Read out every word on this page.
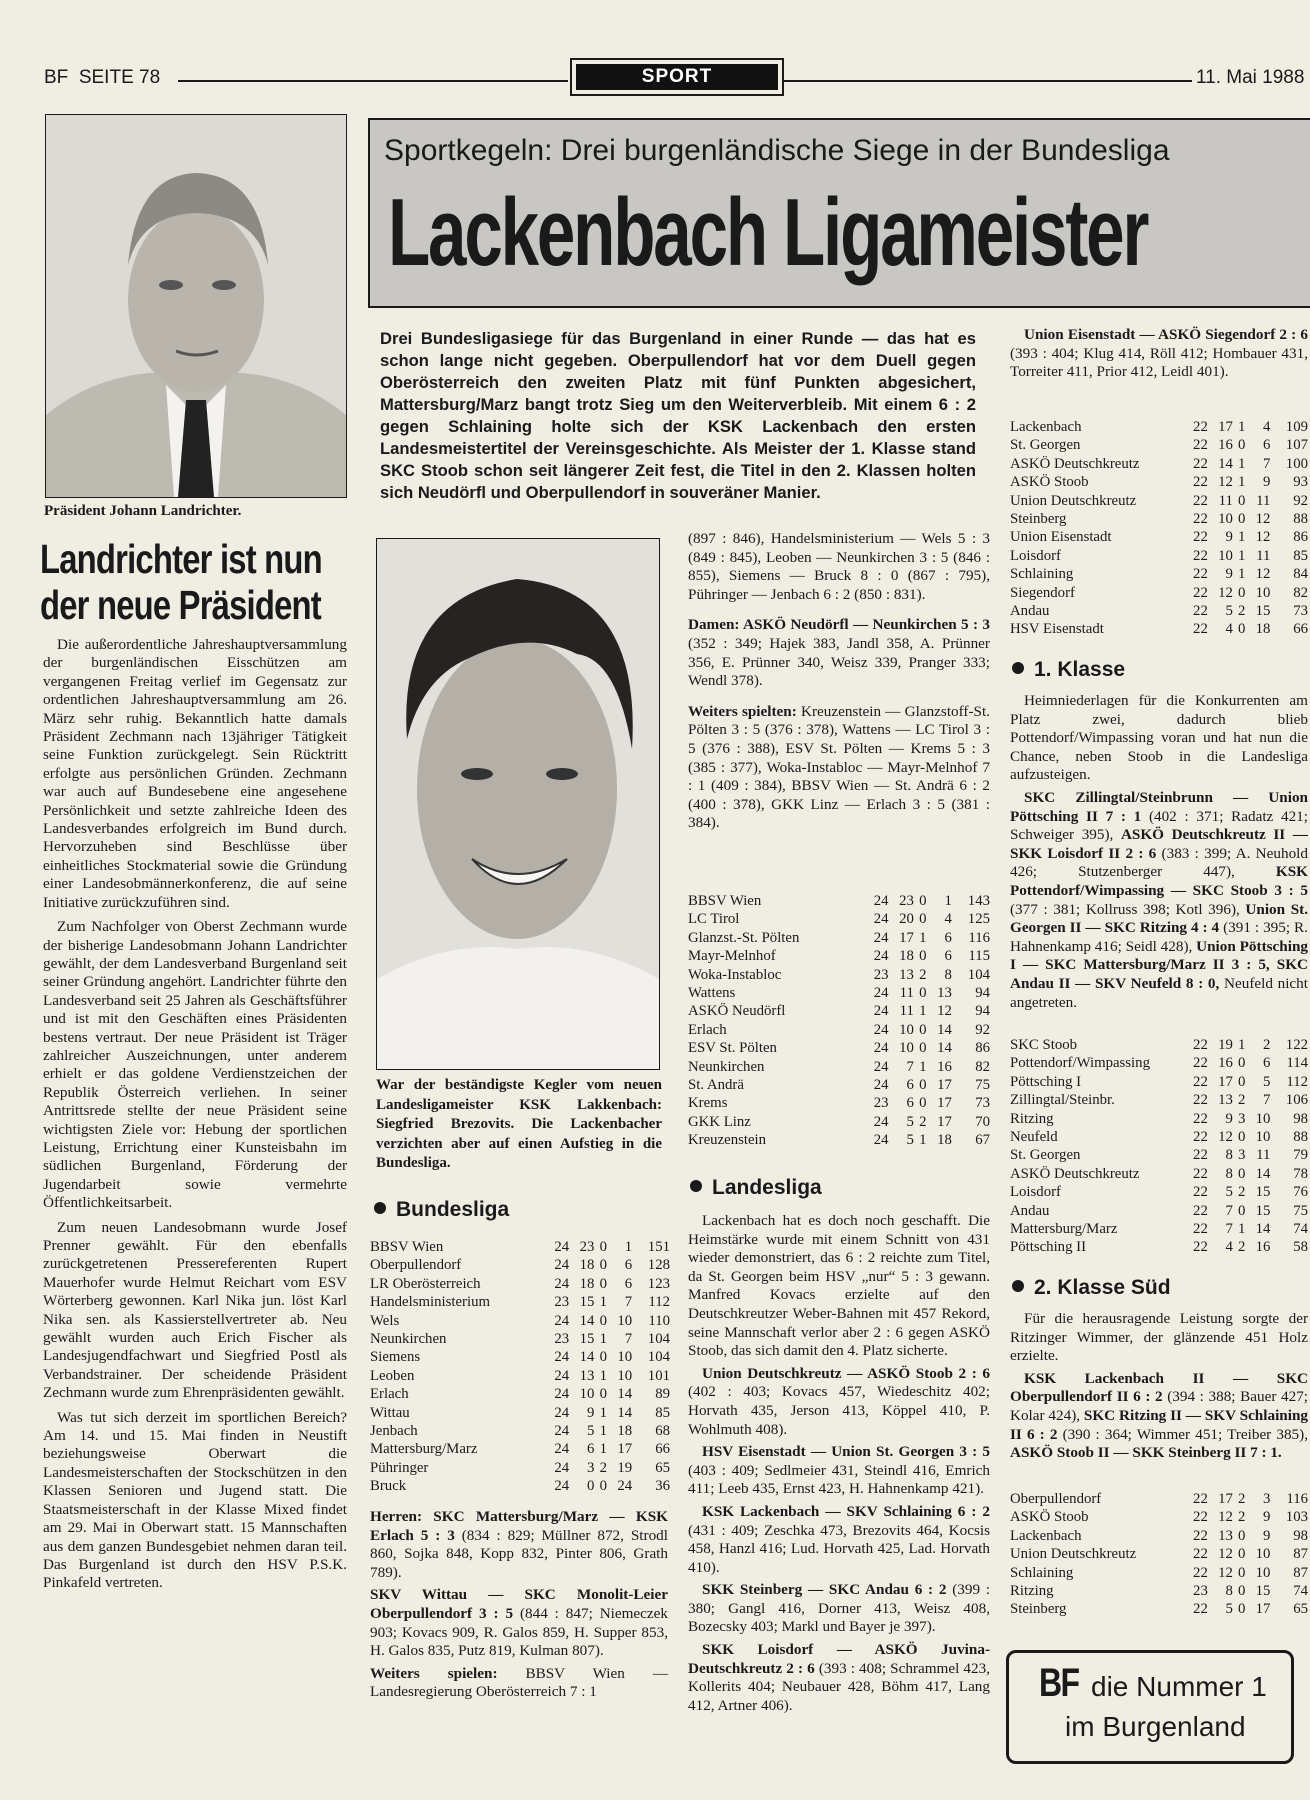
BF  SEITE 78	SPORT	11. Mai 1988
Präsident Johann Landrichter.
Landrichter ist nun
der neue Präsident

Die außerordentliche Jahreshauptversammlung der burgenländischen Eisschützen am vergangenen Freitag verlief im Gegensatz zur ordentlichen Jahreshauptversammlung am 26. März sehr ruhig. Bekanntlich hatte damals Präsident Zechmann nach 13jähriger Tätigkeit seine Funktion zurückgelegt. Sein Rücktritt erfolgte aus persönlichen Gründen. Zechmann war auch auf Bundesebene eine angesehene Persönlichkeit und setzte zahlreiche Ideen des Landesverbandes erfolgreich im Bund durch. Hervorzuheben sind Beschlüsse über einheitliches Stockmaterial sowie die Gründung einer Landesobmännerkonferenz, die auf seine Initiative zurückzuführen sind.

Zum Nachfolger von Oberst Zechmann wurde der bisherige Landesobmann Johann Landrichter gewählt, der dem Landesverband Burgenland seit seiner Gründung angehört. Landrichter führte den Landesverband seit 25 Jahren als Geschäftsführer und ist mit den Geschäften eines Präsidenten bestens vertraut. Der neue Präsident ist Träger zahlreicher Auszeichnungen, unter anderem erhielt er das goldene Verdienstzeichen der Republik Österreich verliehen. In seiner Antrittsrede stellte der neue Präsident seine wichtigsten Ziele vor: Hebung der sportlichen Leistung, Errichtung einer Kunsteisbahn im südlichen Burgenland, Förderung der Jugendarbeit sowie vermehrte Öffentlichkeitsarbeit.

Zum neuen Landesobmann wurde Josef Prenner gewählt. Für den ebenfalls zurückgetretenen Pressereferenten Rupert Mauerhofer wurde Helmut Reichart vom ESV Wörterberg gewonnen. Karl Nika jun. löst Karl Nika sen. als Kassierstellvertreter ab. Neu gewählt wurden auch Erich Fischer als Landesjugendfachwart und Siegfried Postl als Verbandstrainer. Der scheidende Präsident Zechmann wurde zum Ehrenpräsidenten gewählt.

Was tut sich derzeit im sportlichen Bereich? Am 14. und 15. Mai finden in Neustift beziehungsweise Oberwart die Landesmeisterschaften der Stockschützen in den Klassen Senioren und Jugend statt. Die Staatsmeisterschaft in der Klasse Mixed findet am 29. Mai in Oberwart statt. 15 Mannschaften aus dem ganzen Bundesgebiet nehmen daran teil. Das Burgenland ist durch den HSV P.S.K. Pinkafeld vertreten.

Sportkegeln: Drei burgenländische Siege in der Bundesliga
Lackenbach Ligameister
Drei Bundesligasiege für das Burgenland in einer Runde — das hat es schon lange nicht gegeben. Oberpullendorf hat vor dem Duell gegen Oberösterreich den zweiten Platz mit fünf Punkten abgesichert, Mattersburg/Marz bangt trotz Sieg um den Weiterverbleib. Mit einem 6 : 2 gegen Schlaining holte sich der KSK Lackenbach den ersten Landesmeistertitel der Vereinsgeschichte. Als Meister der 1. Klasse stand SKC Stoob schon seit längerer Zeit fest, die Titel in den 2. Klassen holten sich Neudörfl und Oberpullendorf in souveräner Manier.
War der beständigste Kegler vom neuen Landesligameister KSK Lakkenbach: Siegfried Brezovits. Die Lackenbacher verzichten aber auf einen Aufstieg in die Bundesliga.
Bundesliga
BBSV Wien	24	23	0	1	151
Oberpullendorf	24	18	0	6	128
LR Oberösterreich	24	18	0	6	123
Handelsministerium	23	15	1	7	112
Wels	24	14	0	10	110
Neunkirchen	23	15	1	7	104
Siemens	24	14	0	10	104
Leoben	24	13	1	10	101
Erlach	24	10	0	14	89
Wittau	24	9	1	14	85
Jenbach	24	5	1	18	68
Mattersburg/Marz	24	6	1	17	66
Pühringer	24	3	2	19	65
Bruck	24	0	0	24	36

Herren: SKC Mattersburg/Marz — KSK Erlach 5 : 3 (834 : 829; Müllner 872, Strodl 860, Sojka 848, Kopp 832, Pinter 806, Grath 789).

SKV Wittau — SKC Monolit-Leier Oberpullendorf 3 : 5 (844 : 847; Niemeczek 903; Kovacs 909, R. Galos 859, H. Supper 853, H. Galos 835, Putz 819, Kulman 807).

Weiters spielen: BBSV Wien — Landesregierung Oberösterreich 7 : 1

(897 : 846), Handelsministerium — Wels 5 : 3 (849 : 845), Leoben — Neunkirchen 3 : 5 (846 : 855), Siemens — Bruck 8 : 0 (867 : 795), Pühringer — Jenbach 6 : 2 (850 : 831).

Damen: ASKÖ Neudörfl — Neunkirchen 5 : 3 (352 : 349; Hajek 383, Jandl 358, A. Prünner 356, E. Prünner 340, Weisz 339, Pranger 333; Wendl 378).

Weiters spielten: Kreuzenstein — Glanzstoff-St. Pölten 3 : 5 (376 : 378), Wattens — LC Tirol 3 : 5 (376 : 388), ESV St. Pölten — Krems 5 : 3 (385 : 377), Woka-Instabloc — Mayr-Melnhof 7 : 1 (409 : 384), BBSV Wien — St. Andrä 6 : 2 (400 : 378), GKK Linz — Erlach 3 : 5 (381 : 384).

BBSV Wien	24	23	0	1	143
LC Tirol	24	20	0	4	125
Glanzst.-St. Pölten	24	17	1	6	116
Mayr-Melnhof	24	18	0	6	115
Woka-Instabloc	23	13	2	8	104
Wattens	24	11	0	13	94
ASKÖ Neudörfl	24	11	1	12	94
Erlach	24	10	0	14	92
ESV St. Pölten	24	10	0	14	86
Neunkirchen	24	7	1	16	82
St. Andrä	24	6	0	17	75
Krems	23	6	0	17	73
GKK Linz	24	5	2	17	70
Kreuzenstein	24	5	1	18	67
Landesliga

Lackenbach hat es doch noch geschafft. Die Heimstärke wurde mit einem Schnitt von 431 wieder demonstriert, das 6 : 2 reichte zum Titel, da St. Georgen beim HSV „nur“ 5 : 3 gewann. Manfred Kovacs erzielte auf den Deutschkreutzer Weber-Bahnen mit 457 Rekord, seine Mannschaft verlor aber 2 : 6 gegen ASKÖ Stoob, das sich damit den 4. Platz sicherte.

Union Deutschkreutz — ASKÖ Stoob 2 : 6 (402 : 403; Kovacs 457, Wiedeschitz 402; Horvath 435, Jerson 413, Köppel 410, P. Wohlmuth 408).

HSV Eisenstadt — Union St. Georgen 3 : 5 (403 : 409; Sedlmeier 431, Steindl 416, Emrich 411; Leeb 435, Ernst 423, H. Hahnenkamp 421).

KSK Lackenbach — SKV Schlaining 6 : 2 (431 : 409; Zeschka 473, Brezovits 464, Kocsis 458, Hanzl 416; Lud. Horvath 425, Lad. Horvath 410).

SKK Steinberg — SKC Andau 6 : 2 (399 : 380; Gangl 416, Dorner 413, Weisz 408, Bozecsky 403; Markl und Bayer je 397).

SKK Loisdorf — ASKÖ Juvina-Deutschkreutz 2 : 6 (393 : 408; Schrammel 423, Kollerits 404; Neubauer 428, Böhm 417, Lang 412, Artner 406).

Union Eisenstadt — ASKÖ Siegendorf 2 : 6 (393 : 404; Klug 414, Röll 412; Hombauer 431, Torreiter 411, Prior 412, Leidl 401).

Lackenbach	22	17	1	4	109
St. Georgen	22	16	0	6	107
ASKÖ Deutschkreutz	22	14	1	7	100
ASKÖ Stoob	22	12	1	9	93
Union Deutschkreutz	22	11	0	11	92
Steinberg	22	10	0	12	88
Union Eisenstadt	22	9	1	12	86
Loisdorf	22	10	1	11	85
Schlaining	22	9	1	12	84
Siegendorf	22	12	0	10	82
Andau	22	5	2	15	73
HSV Eisenstadt	22	4	0	18	66
1. Klasse

Heimniederlagen für die Konkurrenten am Platz zwei, dadurch blieb Pottendorf/Wimpassing voran und hat nun die Chance, neben Stoob in die Landesliga aufzusteigen.

SKC Zillingtal/Steinbrunn — Union Pöttsching II 7 : 1 (402 : 371; Radatz 421; Schweiger 395), ASKÖ Deutschkreutz II — SKK Loisdorf II 2 : 6 (383 : 399; A. Neuhold 426; Stutzenberger 447), KSK Pottendorf/Wimpassing — SKC Stoob 3 : 5 (377 : 381; Kollruss 398; Kotl 396), Union St. Georgen II — SKC Ritzing 4 : 4 (391 : 395; R. Hahnenkamp 416; Seidl 428), Union Pöttsching I — SKC Mattersburg/Marz II 3 : 5, SKC Andau II — SKV Neufeld 8 : 0, Neufeld nicht angetreten.

SKC Stoob	22	19	1	2	122
Pottendorf/Wimpassing	22	16	0	6	114
Pöttsching I	22	17	0	5	112
Zillingtal/Steinbr.	22	13	2	7	106
Ritzing	22	9	3	10	98
Neufeld	22	12	0	10	88
St. Georgen	22	8	3	11	79
ASKÖ Deutschkreutz	22	8	0	14	78
Loisdorf	22	5	2	15	76
Andau	22	7	0	15	75
Mattersburg/Marz	22	7	1	14	74
Pöttsching II	22	4	2	16	58
2. Klasse Süd

Für die herausragende Leistung sorgte der Ritzinger Wimmer, der glänzende 451 Holz erzielte.

KSK Lackenbach II — SKC Oberpullendorf II 6 : 2 (394 : 388; Bauer 427; Kolar 424), SKC Ritzing II — SKV Schlaining II 6 : 2 (390 : 364; Wimmer 451; Treiber 385), ASKÖ Stoob II — SKK Steinberg II 7 : 1.

Oberpullendorf	22	17	2	3	116
ASKÖ Stoob	22	12	2	9	103
Lackenbach	22	13	0	9	98
Union Deutschkreutz	22	12	0	10	87
Schlaining	22	12	0	10	87
Ritzing	23	8	0	15	74
Steinberg	22	5	0	17	65
BF die Nummer 1
im Burgenland
